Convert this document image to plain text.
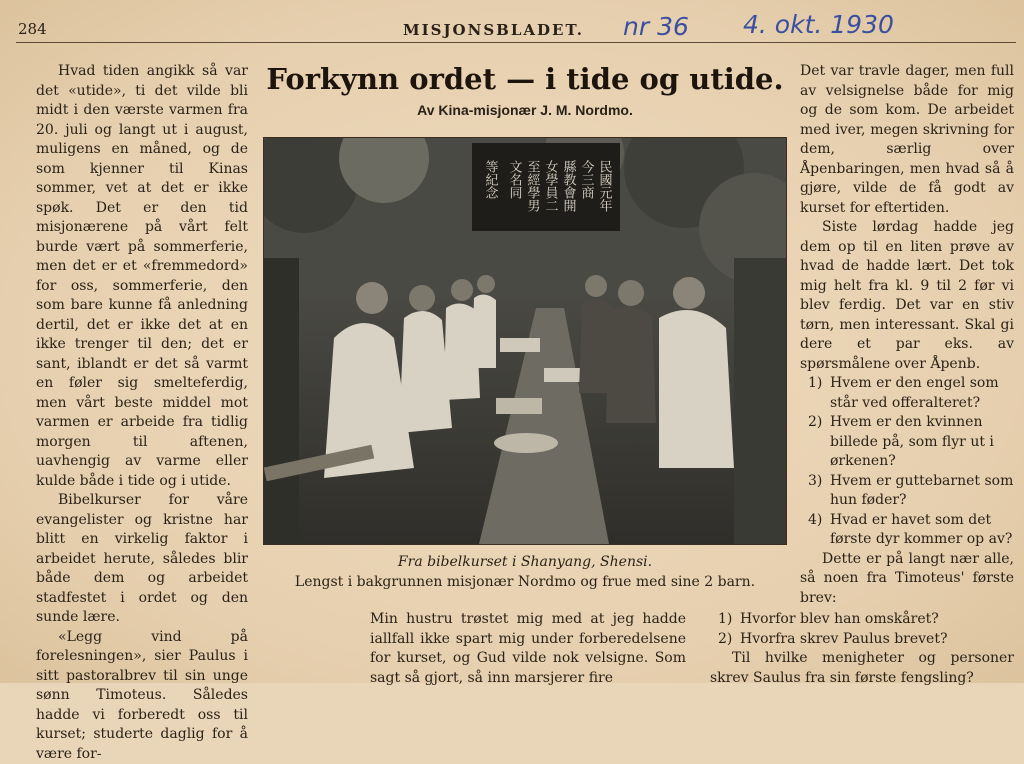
284	MISJONSBLADET. nr 36 4. okt. 1930
Forkynn ordet — i tide og utide.
Av Kina-misjonær J. M. Nordmo.

Hvad tiden angikk så var det «utide», ti det vilde bli midt i den værste varmen fra 20. juli og langt ut i august, muligens en måned, og de som kjenner til Kinas sommer, vet at det er ikke spøk. Det er den tid misjonærene på vårt felt burde vært på sommerferie, men det er et «fremmedord» for oss, sommerferie, den som bare kunne få anledning dertil, det er ikke det at en ikke trenger til den; det er sant, iblandt er det så varmt en føler sig smelteferdig, men vårt beste middel mot varmen er arbeide fra tidlig morgen til aftenen, uavhengig av varme eller kulde både i tide og i utide.

Bibelkurser for våre evangelister og kristne har blitt en virkelig faktor i arbeidet herute, således blir både dem og arbeidet stadfestet i ordet og den sunde lære.

«Legg vind på forelesningen», sier Paulus i sitt pastoralbrev til sin unge sønn Timoteus. Således hadde vi forberedt oss til kurset; studerte daglig for å være for-

民國元年
今三商
縣教會開
女學員二
至經學男
文名同
等紀念
Fra bibelkurset i Shanyang, Shensi.
Lengst i bakgrunnen misjonær Nordmo og frue med sine 2 barn.

Det var travle dager, men full av velsignelse både for mig og de som kom. De arbeidet med iver, megen skrivning for dem, særlig over Åpenbaringen, men hvad så å gjøre, vilde de få godt av kurset for eftertiden.

Siste lørdag hadde jeg dem op til en liten prøve av hvad de hadde lært. Det tok mig helt fra kl. 9 til 2 før vi blev ferdig. Det var en stiv tørn, men interessant. Skal gi dere et par eks. av spørsmålene over Åpenb.

1) Hvem er den engel som står ved offeralteret?
2) Hvem er den kvinnen billede på, som flyr ut i ørkenen?
3) Hvem er guttebarnet som hun føder?
4) Hvad er havet som det første dyr kommer op av?

Dette er på langt nær alle, så noen fra Timoteus' første brev:

Min hustru trøstet mig med at jeg hadde iallfall ikke spart mig under forberedelsene for kurset, og Gud vilde nok velsigne. Som sagt så gjort, så inn marsjerer fire

1) Hvorfor blev han omskåret?
2) Hvorfra skrev Paulus brevet?

Til hvilke menigheter og personer skrev Saulus fra sin første fengsling?
